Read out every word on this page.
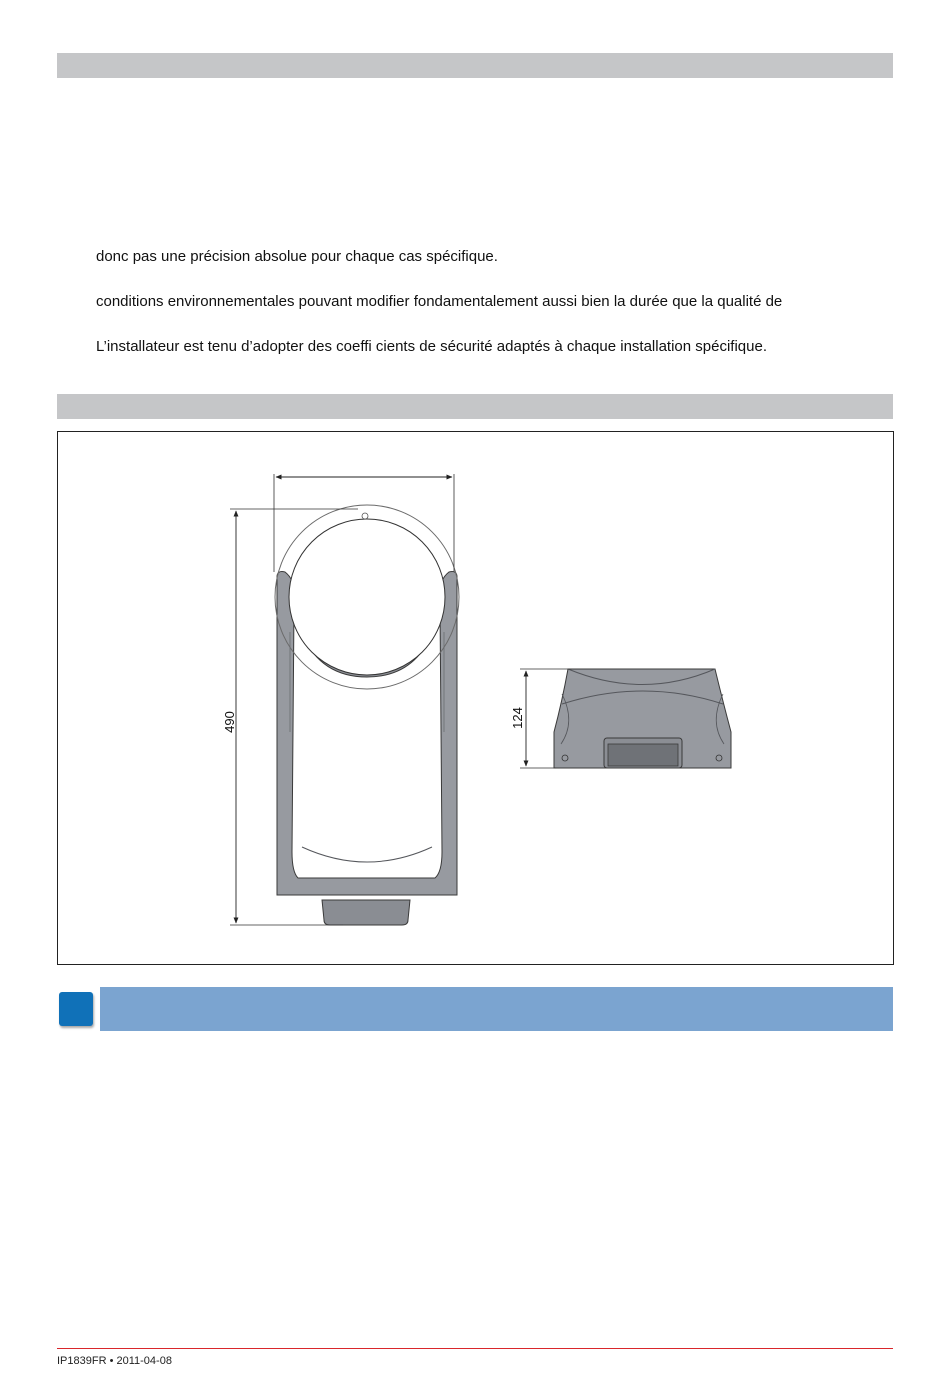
donc pas une précision absolue pour chaque cas spécifique.
conditions environnementales pouvant modifier fondamentalement aussi bien la durée que la qualité de
L’installateur est tenu d’adopter des coeffi cients de sécurité adaptés à chaque installation spécifique.
490	124
IP1839FR • 2011-04-08
